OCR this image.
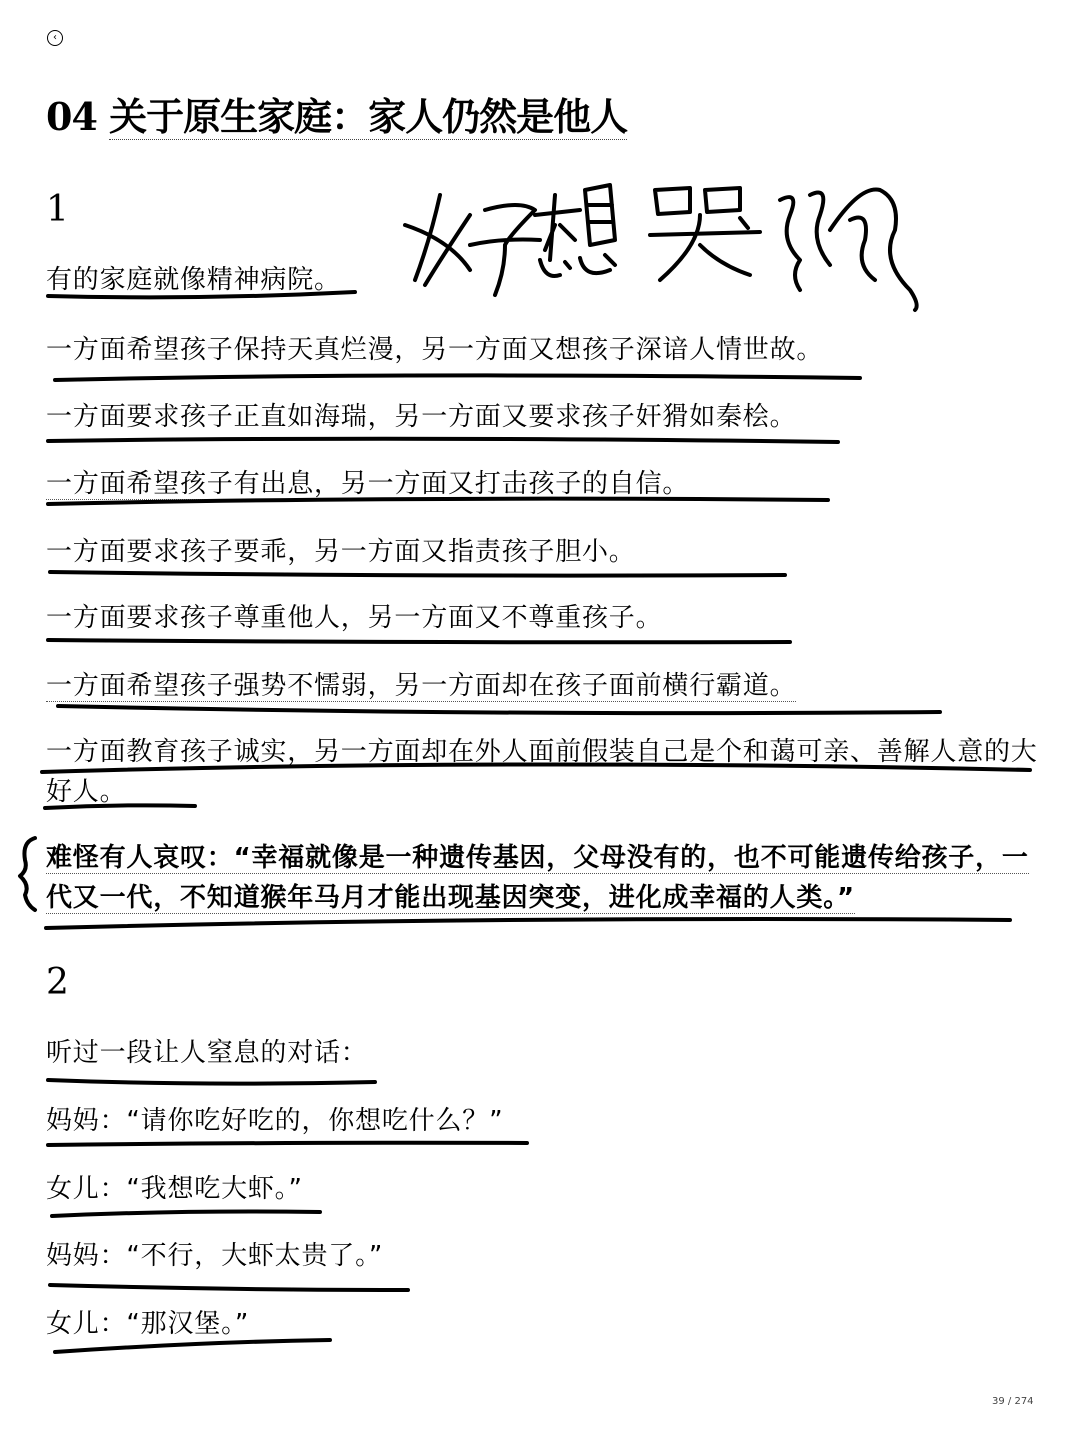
‹
04 关于原生家庭：家人仍然是他人
1
有的家庭就像精神病院。
一方面希望孩子保持天真烂漫，另一方面又想孩子深谙人情世故。
一方面要求孩子正直如海瑞，另一方面又要求孩子奸猾如秦桧。
一方面希望孩子有出息，另一方面又打击孩子的自信。
一方面要求孩子要乖，另一方面又指责孩子胆小。
一方面要求孩子尊重他人，另一方面又不尊重孩子。
一方面希望孩子强势不懦弱，另一方面却在孩子面前横行霸道。
一方面教育孩子诚实，另一方面却在外人面前假装自己是个和蔼可亲、善解人意的大好人。
难怪有人哀叹：“幸福就像是一种遗传基因，父母没有的，也不可能遗传给孩子，一代又一代，不知道猴年马月才能出现基因突变，进化成幸福的人类。”
2
听过一段让人窒息的对话：
妈妈：“请你吃好吃的，你想吃什么？”
女儿：“我想吃大虾。”
妈妈：“不行，大虾太贵了。”
女儿：“那汉堡。”
39 / 274
